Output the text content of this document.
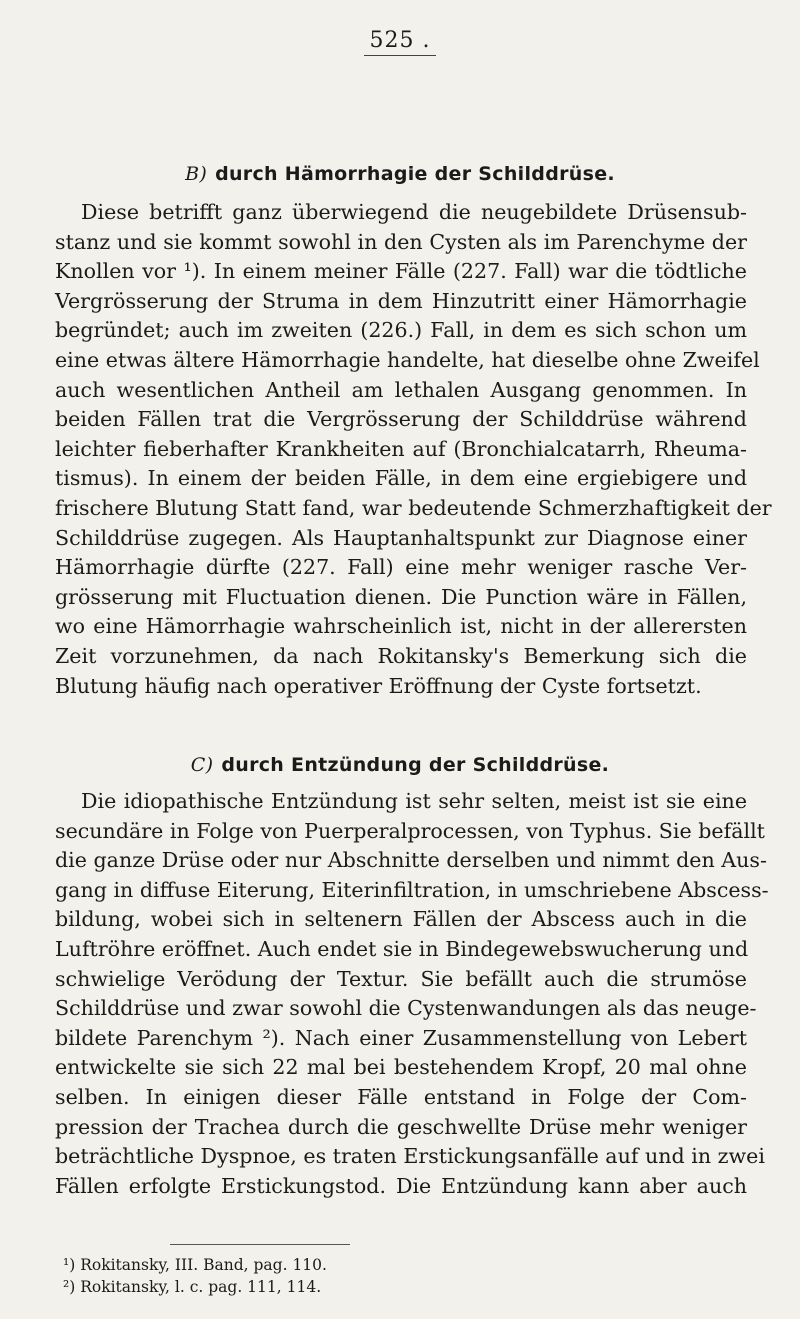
525 .
B) durch Hämorrhagie der Schilddrüse.
Diese betrifft ganz überwiegend die neugebildete Drüsensub-
stanz und sie kommt sowohl in den Cysten als im Parenchyme der
Knollen vor ¹). In einem meiner Fälle (227. Fall) war die tödtliche
Vergrösserung der Struma in dem Hinzutritt einer Hämorrhagie
begründet; auch im zweiten (226.) Fall, in dem es sich schon um
eine etwas ältere Hämorrhagie handelte, hat dieselbe ohne Zweifel
auch wesentlichen Antheil am lethalen Ausgang genommen. In
beiden Fällen trat die Vergrösserung der Schilddrüse während
leichter fieberhafter Krankheiten auf (Bronchialcatarrh, Rheuma-
tismus). In einem der beiden Fälle, in dem eine ergiebigere und
frischere Blutung Statt fand, war bedeutende Schmerzhaftigkeit der
Schilddrüse zugegen. Als Hauptanhaltspunkt zur Diagnose einer
Hämorrhagie dürfte (227. Fall) eine mehr weniger rasche Ver-
grösserung mit Fluctuation dienen. Die Punction wäre in Fällen,
wo eine Hämorrhagie wahrscheinlich ist, nicht in der allerersten
Zeit vorzunehmen, da nach Rokitansky's Bemerkung sich die
Blutung häufig nach operativer Eröffnung der Cyste fortsetzt.
C) durch Entzündung der Schilddrüse.
Die idiopathische Entzündung ist sehr selten, meist ist sie eine
secundäre in Folge von Puerperalprocessen, von Typhus. Sie befällt
die ganze Drüse oder nur Abschnitte derselben und nimmt den Aus-
gang in diffuse Eiterung, Eiterinfiltration, in umschriebene Abscess-
bildung, wobei sich in seltenern Fällen der Abscess auch in die
Luftröhre eröffnet. Auch endet sie in Bindegewebswucherung und
schwielige Verödung der Textur. Sie befällt auch die strumöse
Schilddrüse und zwar sowohl die Cystenwandungen als das neuge-
bildete Parenchym ²). Nach einer Zusammenstellung von Lebert
entwickelte sie sich 22 mal bei bestehendem Kropf, 20 mal ohne
selben. In einigen dieser Fälle entstand in Folge der Com-
pression der Trachea durch die geschwellte Drüse mehr weniger
beträchtliche Dyspnoe, es traten Erstickungsanfälle auf und in zwei
Fällen erfolgte Erstickungstod. Die Entzündung kann aber auch
¹) Rokitansky, III. Band, pag. 110.
²) Rokitansky, l. c. pag. 111, 114.
